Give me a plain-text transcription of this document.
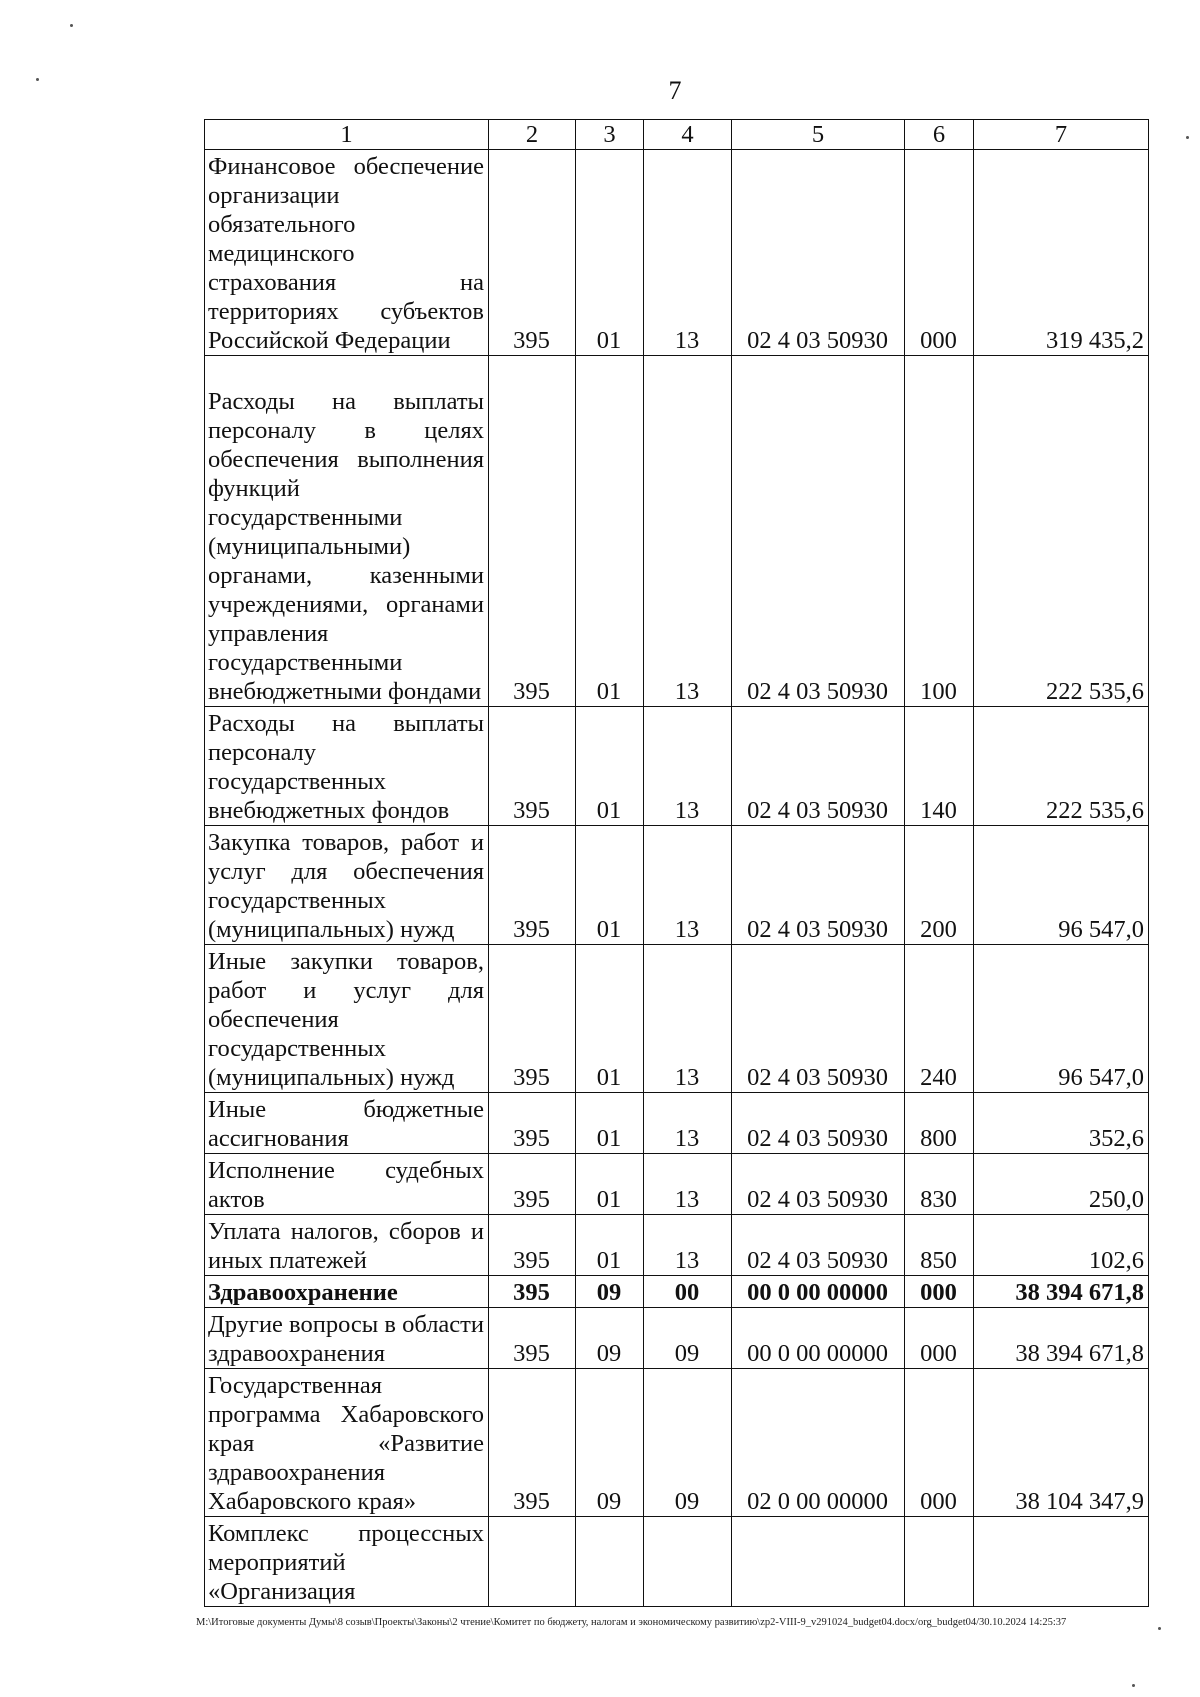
7
1	2	3	4	5	6	7
Финансовое обеспечение организации обязательного медицинского страхования на территориях субъектов Российской Федерации	395	01	13	02 4 03 50930	000	319 435,2
Расходы на выплаты персоналу в целях обеспечения выполнения функций государственными (муниципальными) органами, казенными учреждениями, органами управления государственными внебюджетными фондами	395	01	13	02 4 03 50930	100	222 535,6
Расходы на выплаты персоналу государственных внебюджетных фондов	395	01	13	02 4 03 50930	140	222 535,6
Закупка товаров, работ и услуг для обеспечения государственных (муниципальных) нужд	395	01	13	02 4 03 50930	200	96 547,0
Иные закупки товаров, работ и услуг для обеспечения государственных (муниципальных) нужд	395	01	13	02 4 03 50930	240	96 547,0
Иные бюджетные ассигнования	395	01	13	02 4 03 50930	800	352,6
Исполнение судебных актов	395	01	13	02 4 03 50930	830	250,0
Уплата налогов, сборов и иных платежей	395	01	13	02 4 03 50930	850	102,6
Здравоохранение	395	09	00	00 0 00 00000	000	38 394 671,8
Другие вопросы в области здравоохранения	395	09	09	00 0 00 00000	000	38 394 671,8
Государственная программа Хабаровского края «Развитие здравоохранения Хабаровского края»	395	09	09	02 0 00 00000	000	38 104 347,9
Комплекс процессных мероприятий «Организация						
M:\Итоговые документы Думы\8 созыв\Проекты\Законы\2 чтение\Комитет по бюджету, налогам и экономическому развитию\zp2-VIII-9_v291024_budget04.docx/org_budget04/30.10.2024 14:25:37
